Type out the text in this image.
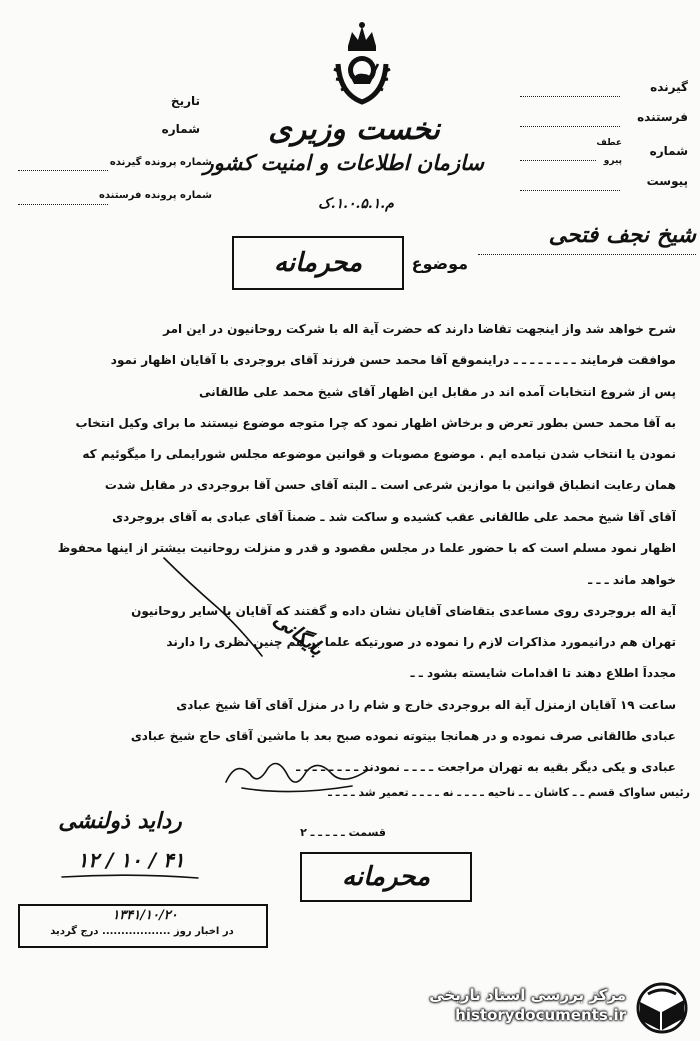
تاریخ
شماره
شماره پرونده گیرنده
شماره پرونده فرستنده
نخست وزیری
سازمان اطلاعات و امنیت کشور
م.۱.۰.۵.۱.ک
گیرنده
فرستنده
عطف
پیرو
شماره
پیوست
محرمانه	موضوع
شیخ نجف فتحی
شرح خواهد شد واز اینجهت تقاضا دارند که حضرت آیة اله با شرکت روحانیون در این امر
موافقت فرمایند ـ ـ ـ ـ ـ ـ ـ ـ دراینموقع آقا محمد حسن فرزند آقای بروجردی با آقایان اظهار نمود
پس از شروع انتخابات آمده اند در مقابل این اظهار آقای شیخ محمد علی طالقانی
به آقا محمد حسن بطور تعرض و برخاش اظهار نمود که چرا متوجه موضوع نیستند ما برای وکیل انتخاب
نمودن یا انتخاب شدن نیامده ایم . موضوع مصوبات و قوانین موضوعه مجلس شورایملی را میگوئیم که
همان رعایت انطباق قوانین با موازین شرعی است ـ البته آقای حسن آقا بروجردی در مقابل شدت
آقای آقا شیخ محمد علی طالقانی عقب کشیده و ساکت شد ـ ضمناً آقای عبادی به آقای بروجردی
اظهار نمود مسلم است که با حضور علما در مجلس مقصود و قدر و منزلت روحانیت بیشتر از اینها محفوظ
خواهد ماند ـ ـ ـ
آیة اله بروجردی روی مساعدی بتقاضای آقایان نشان داده و گفتند که آقایان با سایر روحانیون
تهران هم درانیمورد مذاکرات لازم را نموده در صورتیکه علما بر هم چنین نظری را دارند
مجدداً اطلاع دهند تا اقدامات شایسته بشود ـ ـ
ساعت ۱۹ آقایان ازمنزل آیة اله بروجردی خارج و شام را در منزل آقای آقا شیخ عبادی
عبادی طالقانی صرف نموده و در همانجا بیتوته نموده صبح بعد با ماشین آقای حاج شیخ عبادی
عبادی و یکی دیگر بقیه به تهران مراجعت ـ ـ ـ ـ نمودند ـ ـ ـ ـ ـ ـ ـ ـ
بایگانی
رئیس ساواک قسم ـ ـ کاشان ـ ـ ناحیه ـ ـ ـ ـ نه ـ ـ ـ ـ تعمیر شد ـ ـ ـ ـ
رداید ذولنشی
۱۲ / ۱۰ / ۴۱
قسمت ـ ـ ـ ـ ـ ۲
محرمانه
۱۳۴۱/۱۰/۲۰
در اخبار روز .................. درج گردید
مرکز بررسی اسناد تاریخی
historydocuments.ir
